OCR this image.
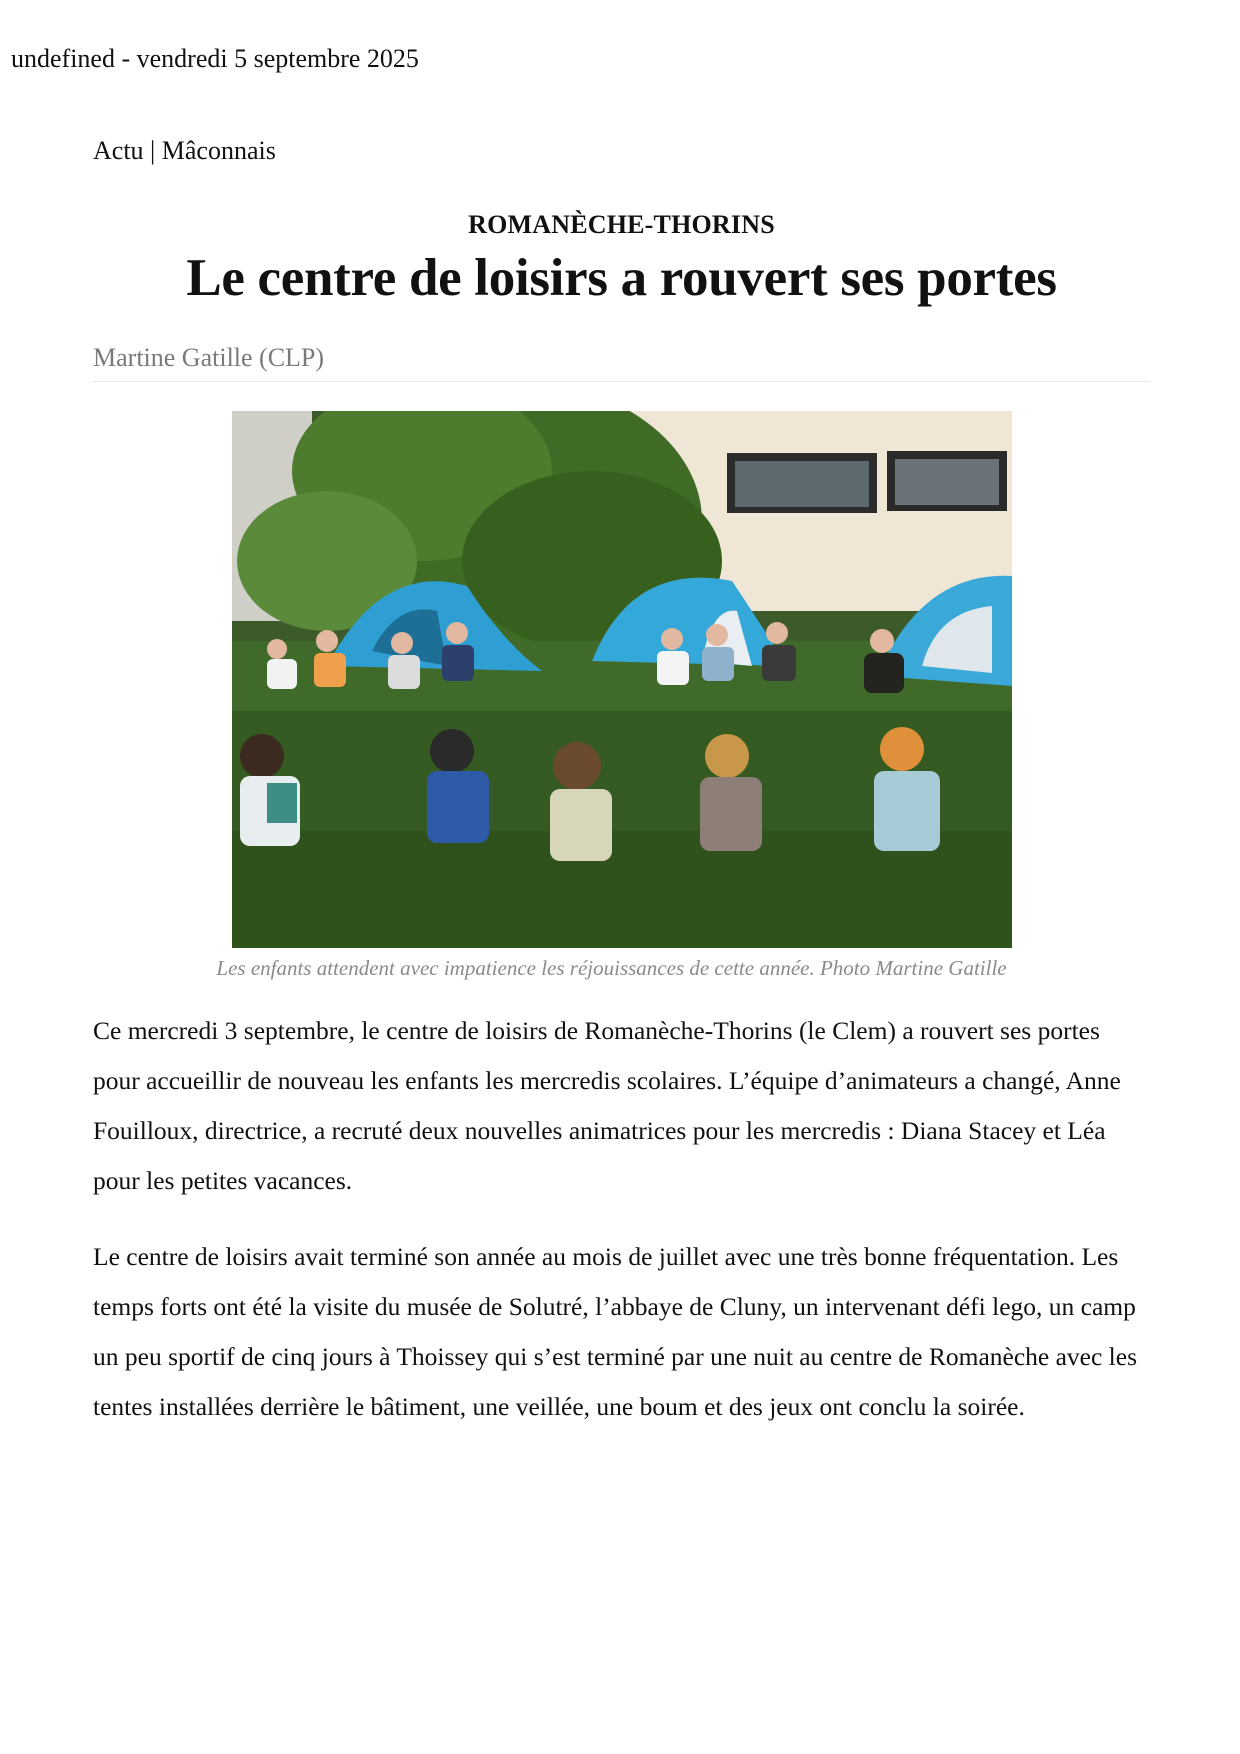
undefined - vendredi 5 septembre 2025
Actu | Mâconnais
ROMANÈCHE-THORINS
Le centre de loisirs a rouvert ses portes
Martine Gatille (CLP)
Les enfants attendent avec impatience les réjouissances de cette année. Photo Martine Gatille

Ce mercredi 3 septembre, le centre de loisirs de Romanèche-Thorins (le Clem) a rouvert ses portes pour accueillir de nouveau les enfants les mercredis scolaires. L’équipe d’animateurs a changé, Anne Fouilloux, directrice, a recruté deux nouvelles animatrices pour les mercredis : Diana Stacey et Léa pour les petites vacances.

Le centre de loisirs avait terminé son année au mois de juillet avec une très bonne fréquentation. Les temps forts ont été la visite du musée de Solutré, l’abbaye de Cluny, un intervenant défi lego, un camp un peu sportif de cinq jours à Thoissey qui s’est terminé par une nuit au centre de Romanèche avec les tentes installées derrière le bâtiment, une veillée, une boum et des jeux ont conclu la soirée.
